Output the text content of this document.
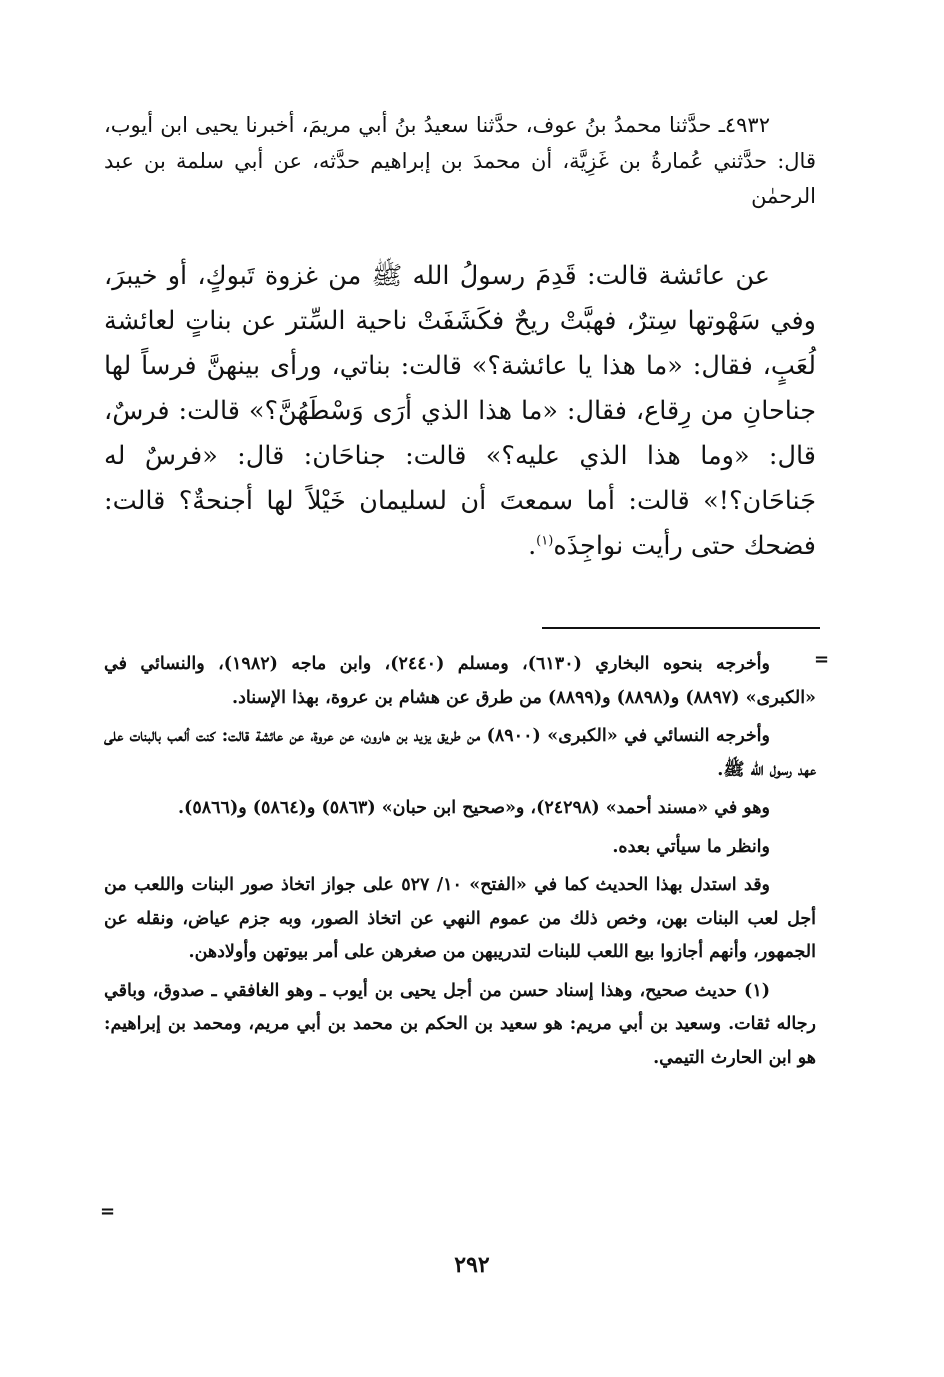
٤٩٣٢ـ حدَّثنا محمدُ بنُ عوف، حدَّثنا سعيدُ بنُ أبي مريمَ، أخبرنا يحيى ابن أيوب، قال: حدَّثني عُمارةُ بن غَزِيَّة، أن محمدَ بن إبراهيم حدَّثه، عن أبي سلمة بن عبد الرحمٰن
عن عائشة قالت: قَدِمَ رسولُ الله ﷺ من غزوة تَبوكٍ، أو خيبرَ، وفي سَهْوتها سِترٌ، فهبَّتْ ريحٌ فكَشَفَتْ ناحية السِّتر عن بناتٍ لعائشة لُعَبٍ، فقال: «ما هذا يا عائشة؟» قالت: بناتي، ورأى بينهنَّ فرساً لها جناحانِ من رِقاع، فقال: «ما هذا الذي أرَى وَسْطَهُنَّ؟» قالت: فرسٌ، قال: «وما هذا الذي عليه؟» قالت: جناحَان: قال: «فرسٌ له جَناحَان؟!» قالت: أما سمعتَ أن لسليمان خَيْلاً لها أجنحةٌ؟ قالت: فضحك حتى رأيت نواجِذَه$^{(١)}$.
=

وأخرجه بنحوه البخاري (٦١٣٠)، ومسلم (٢٤٤٠)، وابن ماجه (١٩٨٢)، والنسائي في «الكبرى» (٨٨٩٧) و(٨٨٩٨) و(٨٨٩٩) من طرق عن هشام بن عروة، بهذا الإسناد.

وأخرجه النسائي في «الكبرى» (٨٩٠٠) من طريق يزيد بن هارون، عن عروة، عن عائشة قالت: كنت ألعب بالبنات على عهد رسول الله ﷺ.

وهو في «مسند أحمد» (٢٤٢٩٨)، و«صحيح ابن حبان» (٥٨٦٣) و(٥٨٦٤) و(٥٨٦٦).

وانظر ما سيأتي بعده.

وقد استدل بهذا الحديث كما في «الفتح» ١٠/ ٥٢٧ على جواز اتخاذ صور البنات واللعب من أجل لعب البنات بهن، وخص ذلك من عموم النهي عن اتخاذ الصور، وبه جزم عياض، ونقله عن الجمهور، وأنهم أجازوا بيع اللعب للبنات لتدريبهن من صغرهن على أمر بيوتهن وأولادهن.

(١) حديث صحيح، وهذا إسناد حسن من أجل يحيى بن أيوب ـ وهو الغافقي ـ صدوق، وباقي رجاله ثقات. وسعيد بن أبي مريم: هو سعيد بن الحكم بن محمد بن أبي مريم، ومحمد بن إبراهيم: هو ابن الحارث التيمي.

=
٢٩٢
